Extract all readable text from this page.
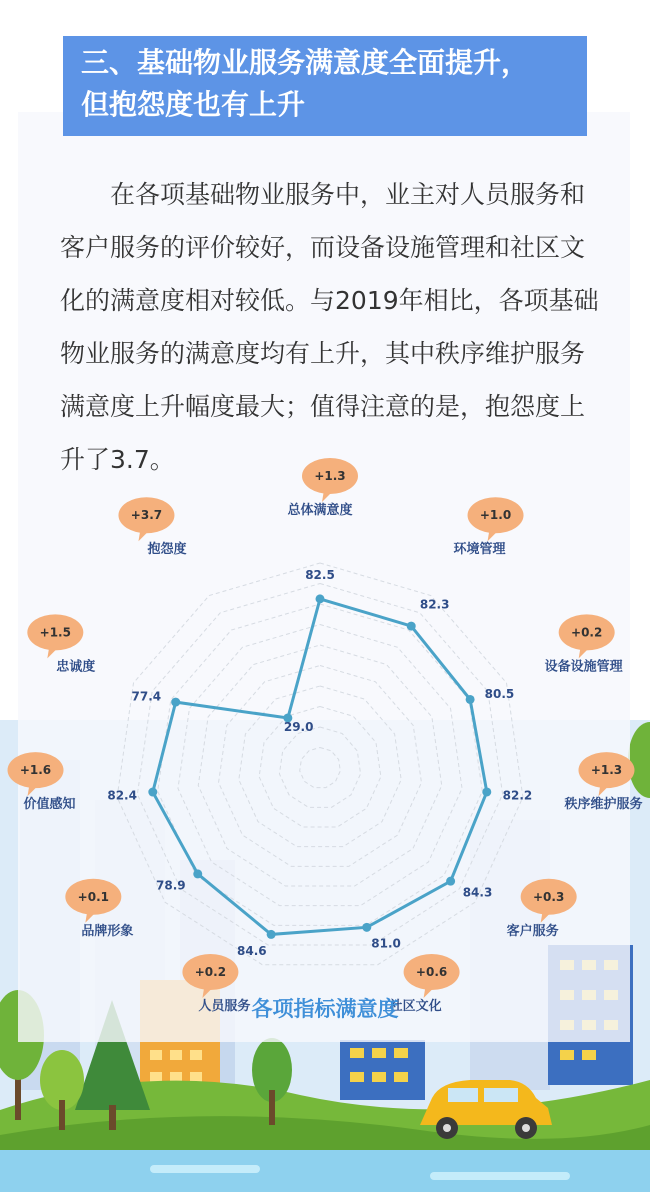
三、基础物业服务满意度全面提升，
但抱怨度也有上升

在各项基础物业服务中，业主对人员服务和客户服务的评价较好，而设备设施管理和社区文化的满意度相对较低。与2019年相比，各项基础物业服务的满意度均有上升，其中秩序维护服务满意度上升幅度最大；值得注意的是，抱怨度上升了3.7。

82.5
总体满意度
+1.3
82.3
环境管理
+1.0
80.5
设备设施管理
+0.2
82.2
秩序维护服务
+1.3
84.3
客户服务
+0.3
81.0
社区文化
+0.6
84.6
人员服务
+0.2
78.9
品牌形象
+0.1
82.4
价值感知
+1.6
77.4
忠诚度
+1.5
29.0
抱怨度
+3.7
各项指标满意度
